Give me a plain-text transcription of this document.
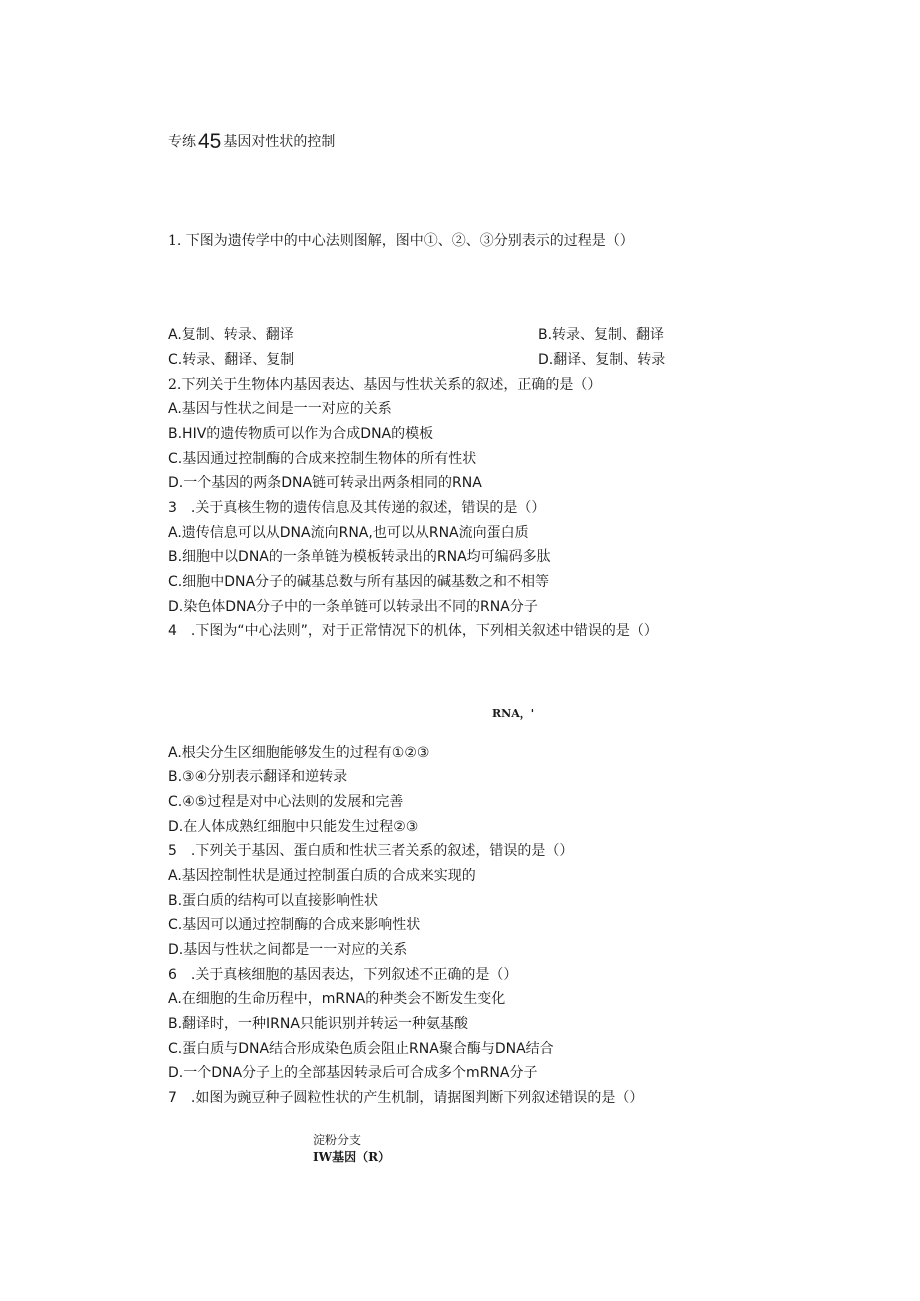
专练45 基因对性状的控制
1. 下图为遗传学中的中心法则图解，图中①、②、③分别表示的过程是（）
A.复制、转录、翻译	B.转录、复制、翻译
C.转录、翻译、复制	D.翻译、复制、转录
2.下列关于生物体内基因表达、基因与性状关系的叙述，正确的是（）
A.基因与性状之间是一一对应的关系
B.HIV的遗传物质可以作为合成DNA的模板
C.基因通过控制酶的合成来控制生物体的所有性状
D.一个基因的两条DNA链可转录出两条相同的RNA
3　.关于真核生物的遗传信息及其传递的叙述，错误的是（）
A.遗传信息可以从DNA流向RNA,也可以从RNA流向蛋白质
B.细胞中以DNA的一条单链为模板转录出的RNA均可编码多肽
C.细胞中DNA分子的碱基总数与所有基因的碱基数之和不相等
D.染色体DNA分子中的一条单链可以转录出不同的RNA分子
4　.下图为“中心法则”，对于正常情况下的机体，下列相关叙述中错误的是（）
RNA，'
A.根尖分生区细胞能够发生的过程有①②③
B.③④分别表示翻译和逆转录
C.④⑤过程是对中心法则的发展和完善
D.在人体成熟红细胞中只能发生过程②③
5　.下列关于基因、蛋白质和性状三者关系的叙述，错误的是（）
A.基因控制性状是通过控制蛋白质的合成来实现的
B.蛋白质的结构可以直接影响性状
C.基因可以通过控制酶的合成来影响性状
D.基因与性状之间都是一一对应的关系
6　.关于真核细胞的基因表达，下列叙述不正确的是（）
A.在细胞的生命历程中，mRNA的种类会不断发生变化
B.翻译时，一种IRNA只能识别并转运一种氨基酸
C.蛋白质与DNA结合形成染色质会阻止RNA聚合酶与DNA结合
D.一个DNA分子上的全部基因转录后可合成多个mRNA分子
7　.如图为豌豆种子圆粒性状的产生机制，请据图判断下列叙述错误的是（）
淀粉分支
IW基因（R）
